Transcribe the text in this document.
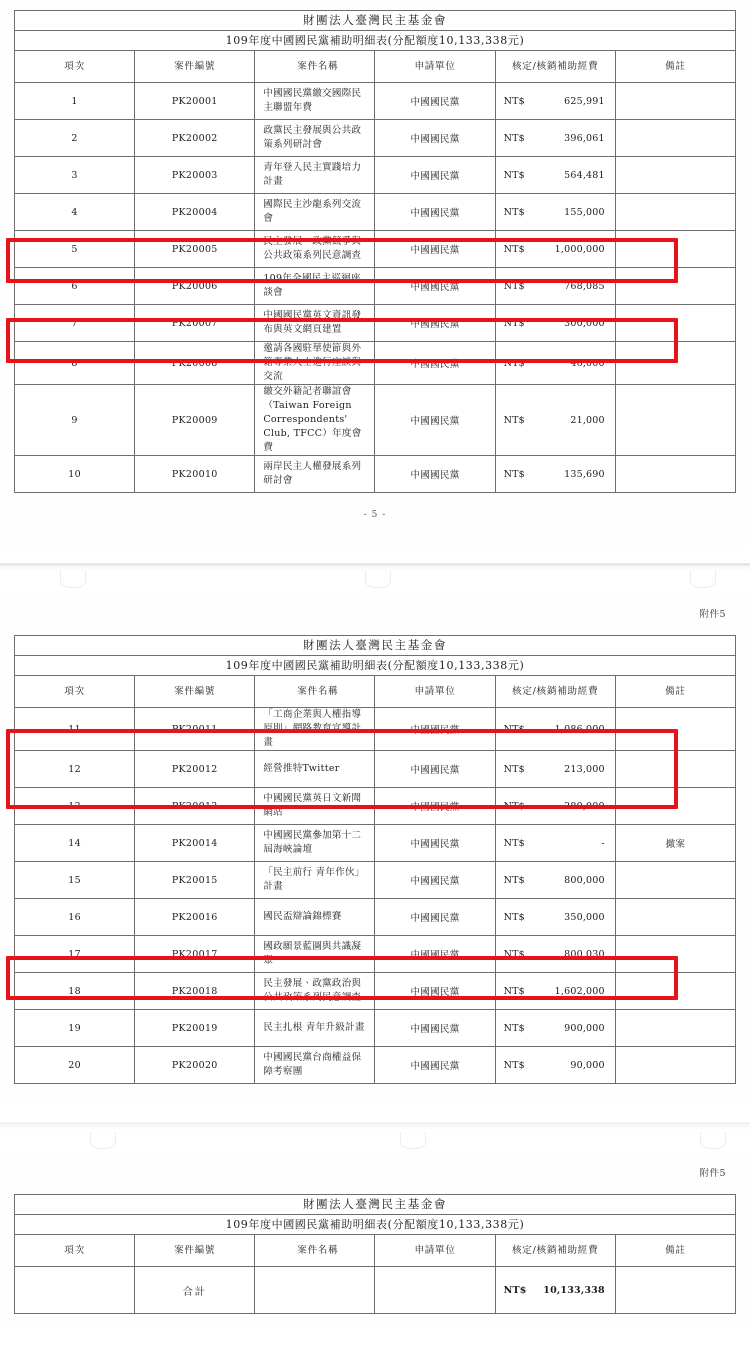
財團法人臺灣民主基金會					
109年度中國國民黨補助明細表(分配額度10,133,338元)					
項次	案件編號	案件名稱	申請單位	核定/核銷補助經費	備註
1	PK20001	中國國民黨繳交國際民主聯盟年費	中國國民黨	NT$ 625,991	

2	PK20002	政黨民主發展與公共政策系列研討會	中國國民黨	NT$ 396,061	

3	PK20003	青年登入民主實踐培力計畫	中國國民黨	NT$ 564,481	

4	PK20004	國際民主沙龍系列交流會	中國國民黨	NT$ 155,000	

5	PK20005	民主發展、政黨競爭與公共政策系列民意調查	中國國民黨	NT$ 1,000,000	

6	PK20006	109年全國民主巡迴座談會	中國國民黨	NT$ 768,085	

7	PK20007	中國國民黨英文資訊發布與英文網頁建置	中國國民黨	NT$ 300,000	

8	PK20008	邀請各國駐華使節與外籍專業人士進行座談與交流	中國國民黨	NT$ 46,000	

9	PK20009	繳交外籍記者聯誼會（Taiwan Foreign Correspondents' Club, TFCC）年度會費	中國國民黨	NT$ 21,000	

10	PK20010	兩岸民主人權發展系列研討會	中國國民黨	NT$ 135,690	

- 5 -
附件5
財團法人臺灣民主基金會					
109年度中國國民黨補助明細表(分配額度10,133,338元)					
項次	案件編號	案件名稱	申請單位	核定/核銷補助經費	備註
11	PK20011	「工商企業與人權指導原則」網路教育宣導計畫	中國國民黨	NT$ 1,086,000	

12	PK20012	經營推特Twitter	中國國民黨	NT$ 213,000	

13	PK20013	中國國民黨英日文新聞網站	中國國民黨	NT$ 280,000	

14	PK20014	中國國民黨參加第十二屆海峽論壇	中國國民黨	NT$ -	撤案
15	PK20015	「民主前行 青年作伙」計畫	中國國民黨	NT$ 800,000	

16	PK20016	國民盃辯論錦標賽	中國國民黨	NT$ 350,000	

17	PK20017	國政願景藍圖與共識凝聚	中國國民黨	NT$ 800,030	

18	PK20018	民主發展、政黨政治與公共政策系列民意調查	中國國民黨	NT$ 1,602,000	

19	PK20019	民主扎根 青年升級計畫	中國國民黨	NT$ 900,000	

20	PK20020	中國國民黨台商權益保障考察團	中國國民黨	NT$ 90,000	

附件5
財團法人臺灣民主基金會					
109年度中國國民黨補助明細表(分配額度10,133,338元)					
項次	案件編號	案件名稱	申請單位	核定/核銷補助經費	備註
	合計			NT$ 10,133,338	
